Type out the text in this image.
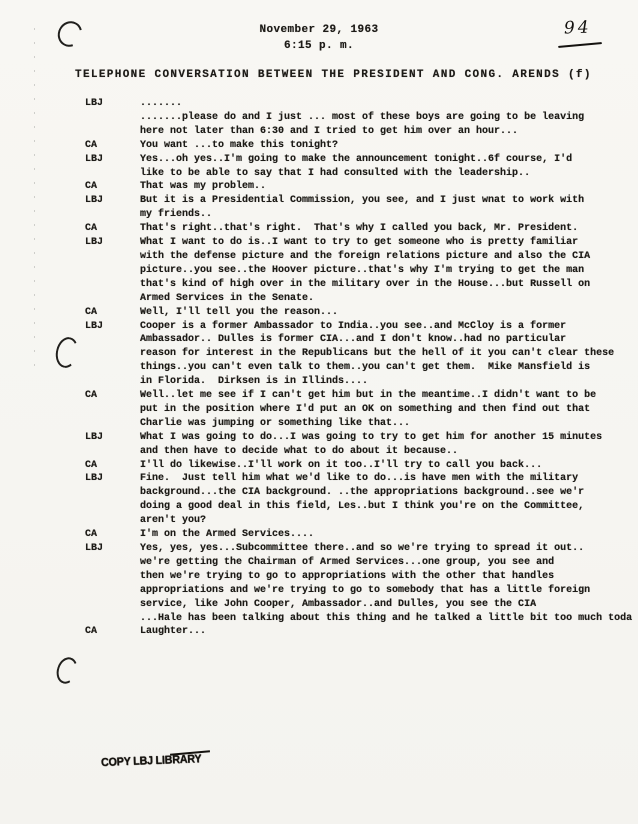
November 29, 1963
6:15 p. m.
94
TELEPHONE CONVERSATION BETWEEN THE PRESIDENT AND CONG. ARENDS (f)
LBJ	.......
.......please do and I just ... most of these boys are going to be leaving
here not later than 6:30 and I tried to get him over an hour...
CA	You want ...to make this tonight?
LBJ	Yes...oh yes..I'm going to make the announcement tonight..6f course, I'd
like to be able to say that I had consulted with the leadership..
CA	That was my problem..
LBJ	But it is a Presidential Commission, you see, and I just wnat to work with
my friends..
CA	That's right..that's right.  That's why I called you back, Mr. President.
LBJ	What I want to do is..I want to try to get someone who is pretty familiar
with the defense picture and the foreign relations picture and also the CIA
picture..you see..the Hoover picture..that's why I'm trying to get the man
that's kind of high over in the military over in the House...but Russell on
Armed Services in the Senate.
CA	Well, I'll tell you the reason...
LBJ	Cooper is a former Ambassador to India..you see..and McCloy is a former
Ambassador.. Dulles is former CIA...and I don't know..had no particular
reason for interest in the Republicans but the hell of it you can't clear these
things..you can't even talk to them..you can't get them.  Mike Mansfield is
in Florida.  Dirksen is in Illinds....
CA	Well..let me see if I can't get him but in the meantime..I didn't want to be
put in the position where I'd put an OK on something and then find out that
Charlie was jumping or something like that...
LBJ	What I was going to do...I was going to try to get him for another 15 minutes
and then have to decide what to do about it because..
CA	I'll do likewise..I'll work on it too..I'll try to call you back...
LBJ	Fine.  Just tell him what we'd like to do...is have men with the military
background...the CIA background. ..the appropriations background..see we'r
doing a good deal in this field, Les..but I think you're on the Committee,
aren't you?
CA	I'm on the Armed Services....
LBJ	Yes, yes, yes...Subcommittee there..and so we're trying to spread it out..
we're getting the Chairman of Armed Services...one group, you see and
then we're trying to go to appropriations with the other that handles
appropriations and we're trying to go to somebody that has a little foreign
service, like John Cooper, Ambassador..and Dulles, you see the CIA
...Hale has been talking about this thing and he talked a little bit too much toda
CA	Laughter...
COPY LBJ LIBRARY
